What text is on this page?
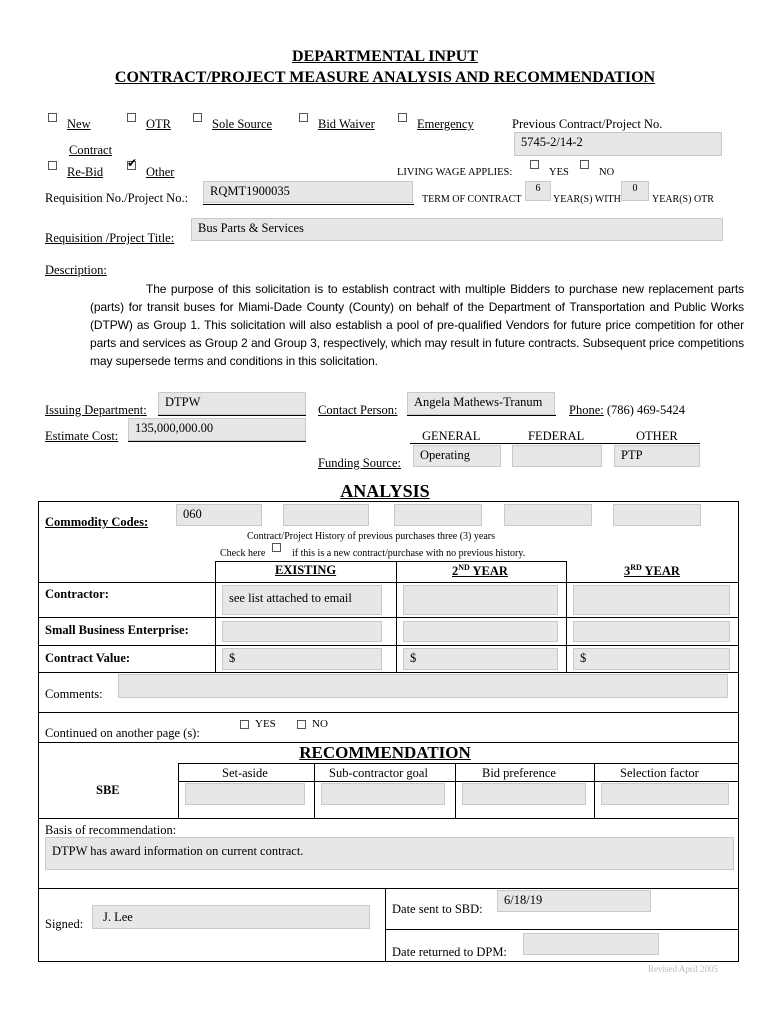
DEPARTMENTAL INPUT
CONTRACT/PROJECT MEASURE ANALYSIS AND RECOMMENDATION
New
Contract
OTR	Sole Source	Bid Waiver	Emergency	Previous Contract/Project No.
5745-2/14-2
Re-Bid
✔	Other	LIVING WAGE APPLIES:	YES	NO
Requisition No./Project No.:	RQMT1900035
TERM OF CONTRACT
6
YEAR(S) WITH
0
YEAR(S) OTR
Requisition /Project Title:
Bus Parts & Services
Description:
The purpose of this solicitation is to establish contract with multiple Bidders to purchase new replacement parts (parts) for transit buses for Miami-Dade County (County) on behalf of the Department of Transportation and Public Works (DTPW) as Group 1. This solicitation will also establish a pool of pre-qualified Vendors for future price competition for other parts and services as Group 2 and Group 3, respectively, which may result in future contracts. Subsequent price competitions may supersede terms and conditions in this solicitation.
Issuing Department:
DTPW
Contact Person:
Angela Mathews-Tranum
Phone: (786) 469-5424
Estimate Cost:
135,000,000.00
GENERAL	FEDERAL	OTHER
Funding Source:
Operating	PTP
ANALYSIS
Commodity Codes:
060
Contract/Project History of previous purchases three (3) years
Check here	if this is a new contract/purchase with no previous history.
EXISTING	2ND YEAR	3RD YEAR
Contractor:	see list attached to email
Small Business Enterprise:
Contract Value:	$	$	$
Comments:
Continued on another page (s):
YES	NO
RECOMMENDATION
Set-aside	Sub-contractor goal	Bid preference	Selection factor
SBE
Basis of recommendation:
DTPW has award information on current contract.
Signed:	J. Lee
Date sent to SBD:
6/18/19
Date returned to DPM:
Revised April 2005
